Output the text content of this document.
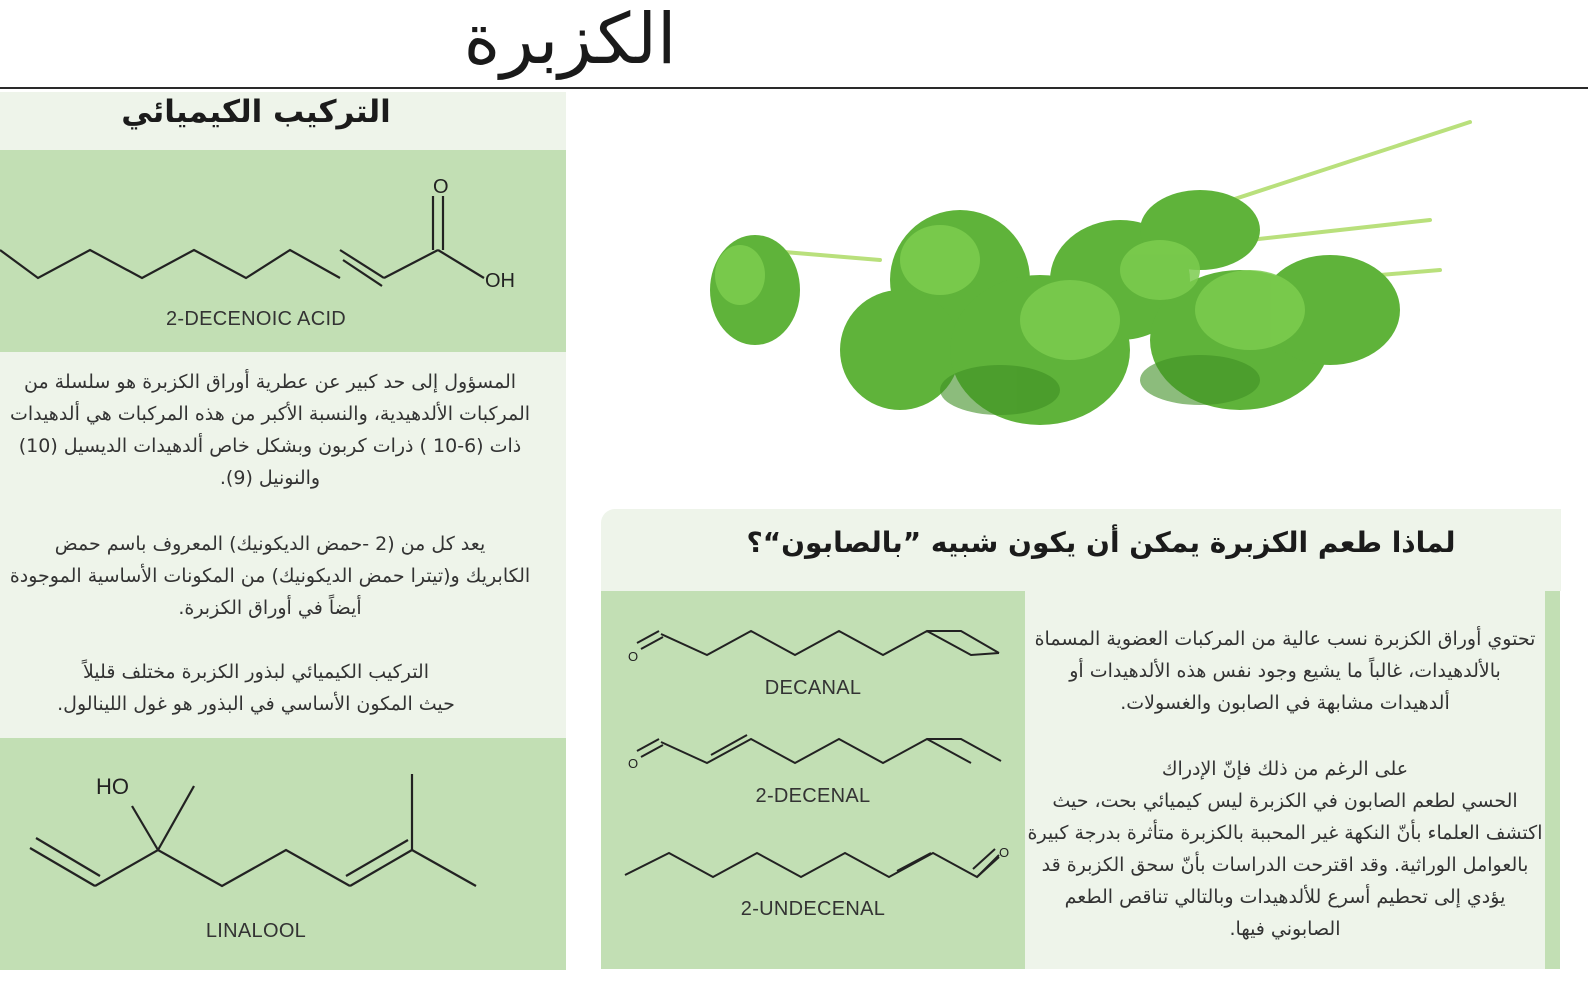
الكزبرة
التركيب الكيميائي
O
OH
2-DECENOIC ACID
المسؤول إلى حد كبير عن عطرية أوراق الكزبرة هو سلسلة من
المركبات الألدهيدية، والنسبة الأكبر من هذه المركبات هي ألدهيدات
ذات (6-10 ) ذرات كربون وبشكل خاص ألدهيدات الديسيل (10)
والنونيل (9).
يعد كل من (2 -حمض الديكونيك) المعروف باسم حمض
الكابريك و(تيترا حمض الديكونيك) من المكونات الأساسية الموجودة
أيضاً في أوراق الكزبرة.
التركيب الكيميائي لبذور الكزبرة مختلف قليلاً
حيث المكون الأساسي في البذور هو غول اللينالول.
HO
LINALOOL
لماذا طعم الكزبرة يمكن أن يكون شبيه ”بالصابون“؟
O
O
O
DECANAL
2-DECENAL
2-UNDECENAL
تحتوي أوراق الكزبرة نسب عالية من المركبات العضوية المسماة
بالألدهيدات، غالباً ما يشيع وجود نفس هذه الألدهيدات أو
ألدهيدات مشابهة في الصابون والغسولات.
على الرغم من ذلك فإنّ الإدراك
الحسي لطعم الصابون في الكزبرة ليس كيميائي بحت، حيث
اكتشف العلماء بأنّ النكهة غير المحببة بالكزبرة متأثرة بدرجة كبيرة
بالعوامل الوراثية. وقد اقترحت الدراسات بأنّ سحق الكزبرة قد
يؤدي إلى تحطيم أسرع للألدهيدات وبالتالي تناقص الطعم
الصابوني فيها.
